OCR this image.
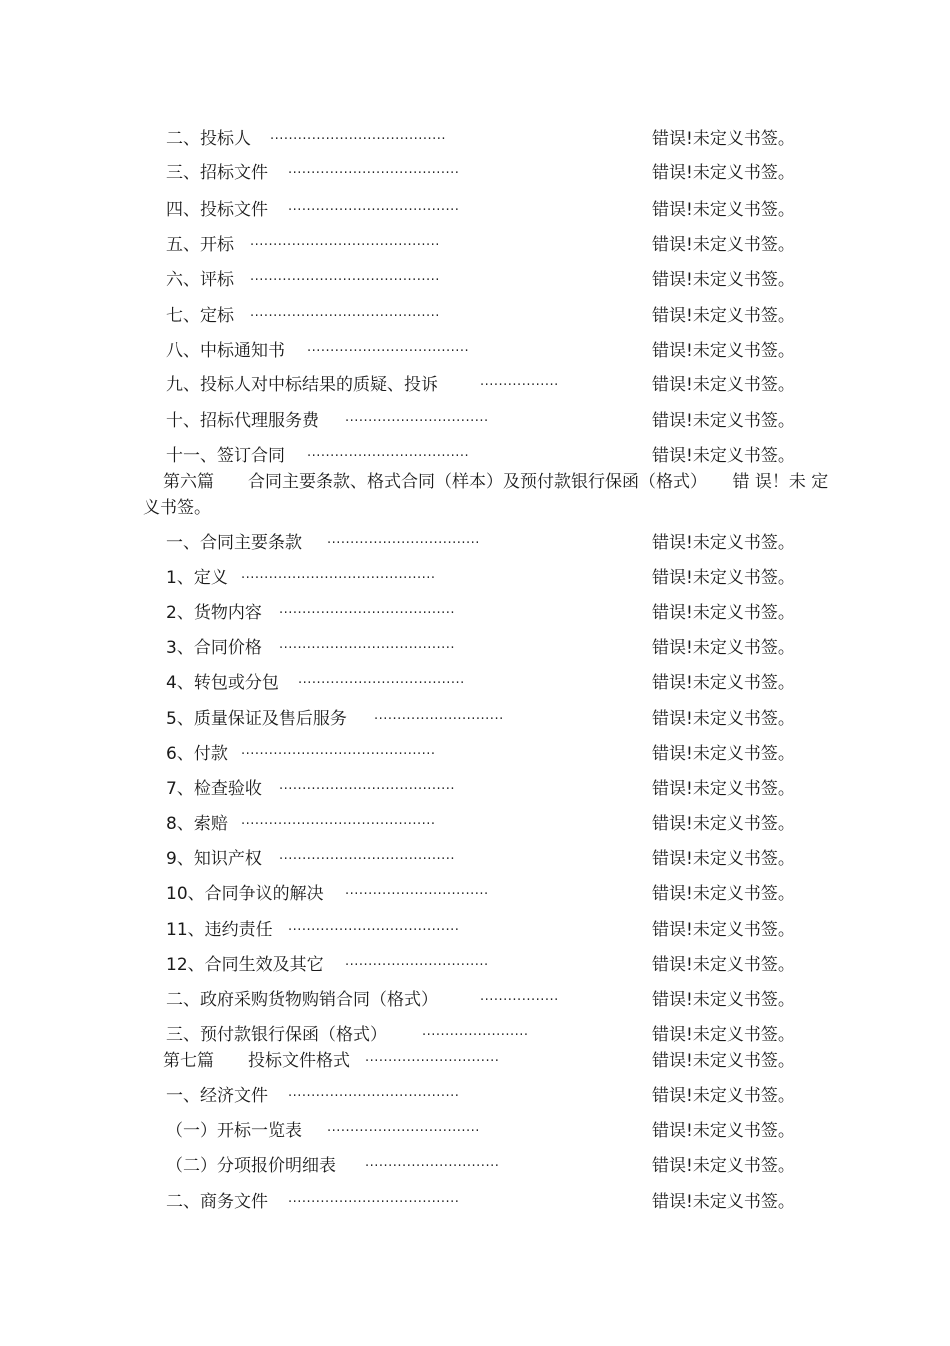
二、投标人 ......................................	错误!未定义书签。
三、招标文件 .....................................	错误!未定义书签。
四、投标文件 .....................................	错误!未定义书签。
五、开标 .........................................	错误!未定义书签。
六、评标 .........................................	错误!未定义书签。
七、定标 .........................................	错误!未定义书签。
八、中标通知书 ...................................	错误!未定义书签。
九、投标人对中标结果的质疑、投诉	.................	错误!未定义书签。
十、招标代理服务费 ...............................	错误!未定义书签。
十一、签订合同 ...................................	错误!未定义书签。
第六篇　　合同主要条款、格式合同（样本）及预付款银行保函（格式）　　错 误！未 定
义书签。
一、合同主要条款 .................................	错误!未定义书签。
1、定义 ..........................................	错误!未定义书签。
2、货物内容 ......................................	错误!未定义书签。
3、合同价格 ......................................	错误!未定义书签。
4、转包或分包 ....................................	错误!未定义书签。
5、质量保证及售后服务 ............................	错误!未定义书签。
6、付款 ..........................................	错误!未定义书签。
7、检查验收 ......................................	错误!未定义书签。
8、索赔 ..........................................	错误!未定义书签。
9、知识产权 ......................................	错误!未定义书签。
10、合同争议的解决 ...............................	错误!未定义书签。
11、违约责任 .....................................	错误!未定义书签。
12、合同生效及其它 ...............................	错误!未定义书签。
二、政府采购货物购销合同（格式）	.................	错误!未定义书签。
三、预付款银行保函（格式）	.......................	错误!未定义书签。
第七篇　　投标文件格式 .............................	错误!未定义书签。
一、经济文件 .....................................	错误!未定义书签。
（一）开标一览表 .................................	错误!未定义书签。
（二）分项报价明细表 .............................	错误!未定义书签。
二、商务文件 .....................................	错误!未定义书签。
